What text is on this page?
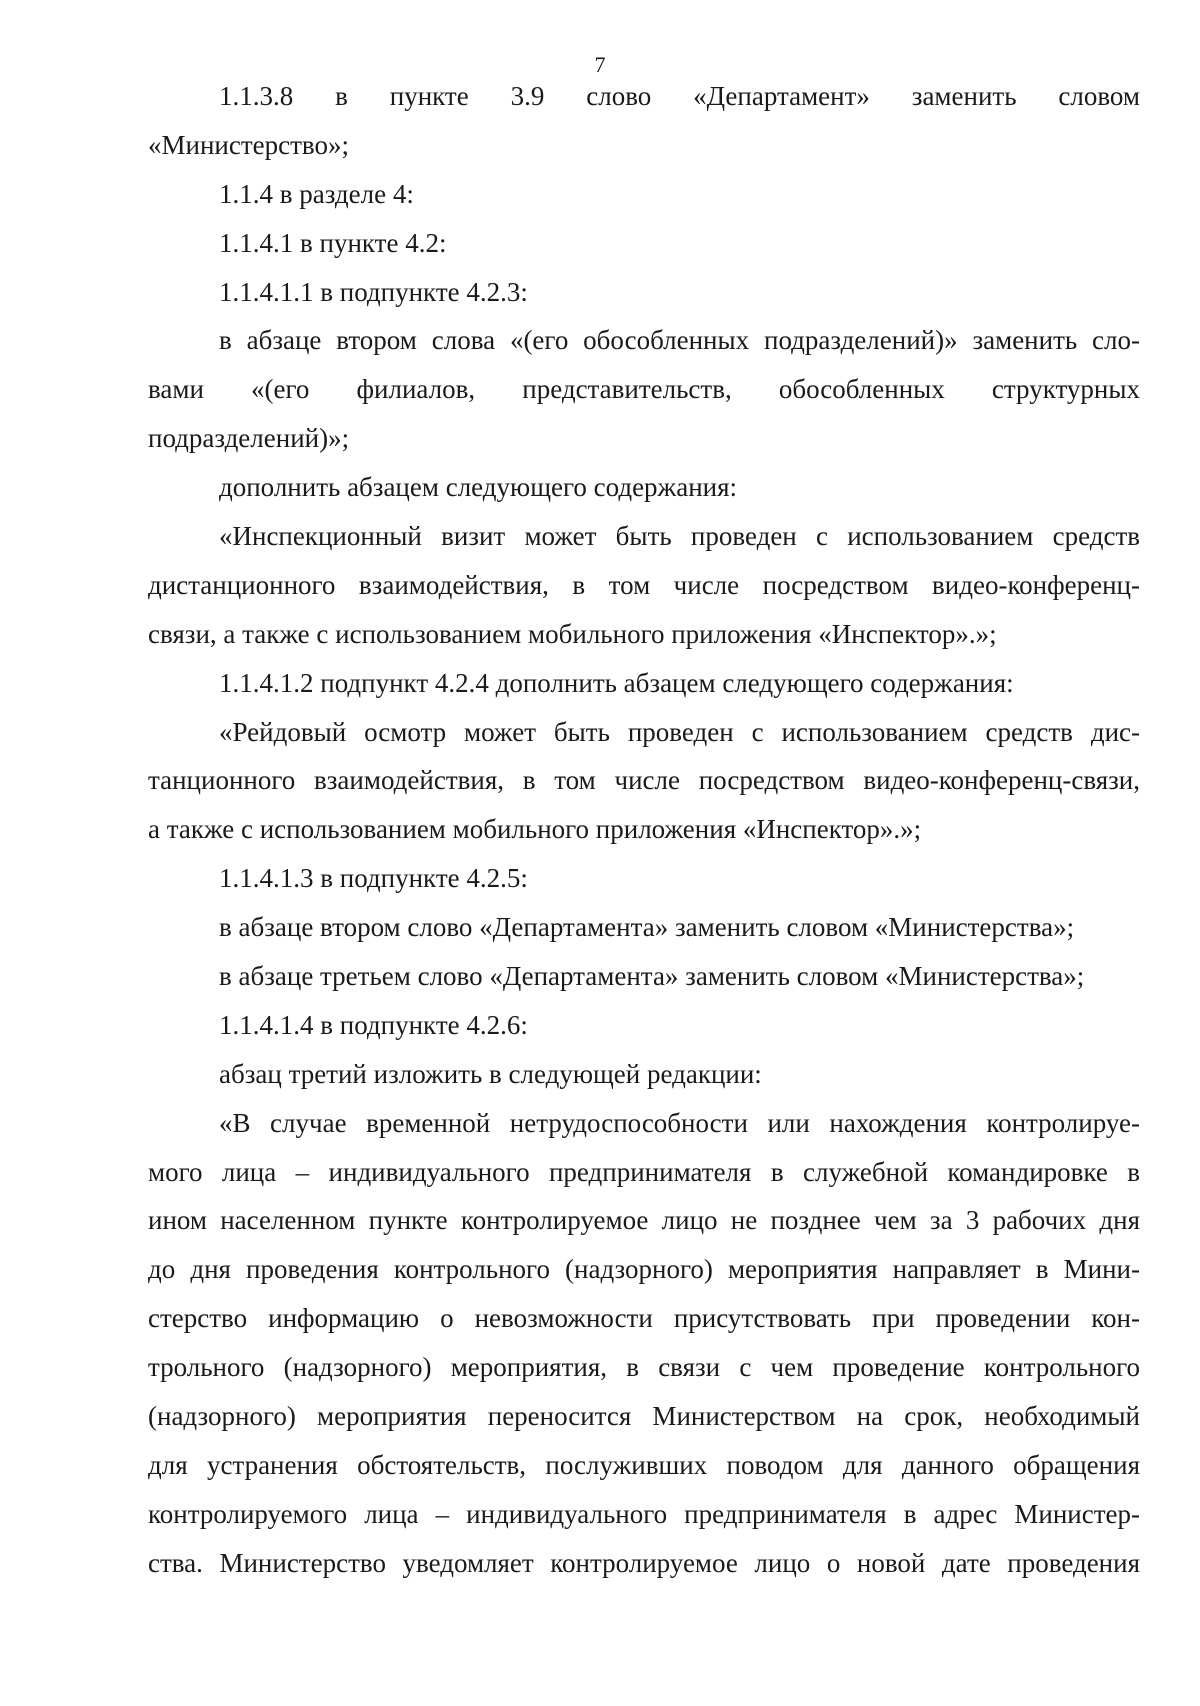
7
1.1.3.8 в пункте 3.9 слово «Департамент» заменить словом
«Министерство»;
1.1.4 в разделе 4:
1.1.4.1 в пункте 4.2:
1.1.4.1.1 в подпункте 4.2.3:
в абзаце втором слова «(его обособленных подразделений)» заменить сло-
вами «(его филиалов, представительств, обособленных структурных
подразделений)»;
дополнить абзацем следующего содержания:
«Инспекционный визит может быть проведен с использованием средств
дистанционного взаимодействия, в том числе посредством видео-конференц-
связи, а также с использованием мобильного приложения «Инспектор».»;
1.1.4.1.2 подпункт 4.2.4 дополнить абзацем следующего содержания:
«Рейдовый осмотр может быть проведен с использованием средств дис-
танционного взаимодействия, в том числе посредством видео-конференц-связи,
а также с использованием мобильного приложения «Инспектор».»;
1.1.4.1.3 в подпункте 4.2.5:
в абзаце втором слово «Департамента» заменить словом «Министерства»;
в абзаце третьем слово «Департамента» заменить словом «Министерства»;
1.1.4.1.4 в подпункте 4.2.6:
абзац третий изложить в следующей редакции:
«В случае временной нетрудоспособности или нахождения контролируе-
мого лица – индивидуального предпринимателя в служебной командировке в
ином населенном пункте контролируемое лицо не позднее чем за 3 рабочих дня
до дня проведения контрольного (надзорного) мероприятия направляет в Мини-
стерство информацию о невозможности присутствовать при проведении кон-
трольного (надзорного) мероприятия, в связи с чем проведение контрольного
(надзорного) мероприятия переносится Министерством на срок, необходимый
для устранения обстоятельств, послуживших поводом для данного обращения
контролируемого лица – индивидуального предпринимателя в адрес Министер-
ства. Министерство уведомляет контролируемое лицо о новой дате проведения
